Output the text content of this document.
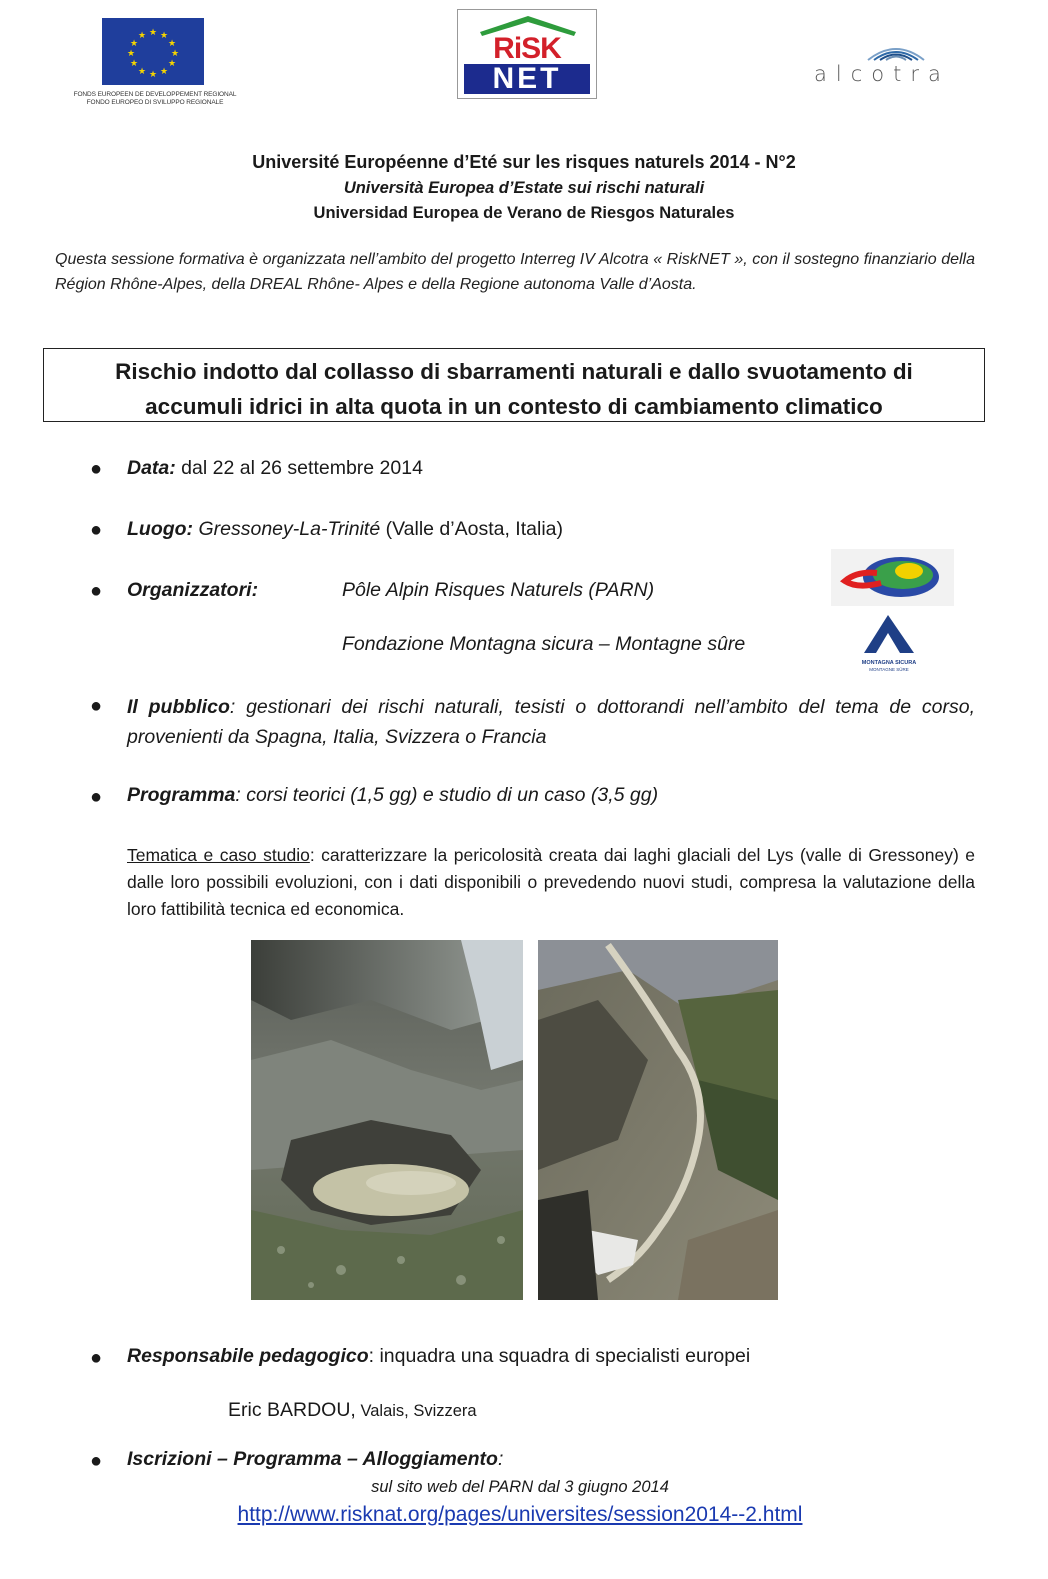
★ ★
★
★
★
★
★
★
★
★
★
★
FONDS EUROPEEN DE DEVELOPPEMENT REGIONAL
FONDO EUROPEO DI SVILUPPO REGIONALE
RiSK
NET	alcotra
Université Européenne d’Eté sur les risques naturels 2014 - N°2
Università Europea d’Estate sui rischi naturali
Universidad Europea de Verano de Riesgos Naturales
Questa sessione formativa è organizzata nell’ambito del progetto Interreg IV Alcotra « RiskNET », con il sostegno finanziario della Région Rhône-Alpes, della DREAL Rhône- Alpes e della Regione autonoma Valle d’Aosta.
Rischio indotto dal collasso di sbarramenti naturali e dallo svuotamento di
accumuli idrici in alta quota in un contesto di cambiamento climatico
● Data: dal 22 al 26 settembre 2014
● Luogo: Gressoney-La-Trinité (Valle d’Aosta, Italia)
● Organizzatori:	Pôle Alpin Risques Naturels (PARN)
Fondazione Montagna sicura – Montagne sûre
MONTAGNA SICURA
MONTAGNE SÛRE
● Il pubblico: gestionari dei rischi naturali, tesisti o dottorandi nell’ambito del tema de corso, provenienti da Spagna, Italia, Svizzera o Francia
● Programma: corsi teorici (1,5 gg) e studio di un caso (3,5 gg)
Tematica e caso studio: caratterizzare la pericolosità creata dai laghi glaciali del Lys (valle di Gressoney) e dalle loro possibili evoluzioni, con i dati disponibili o prevedendo nuovi studi, compresa la valutazione della loro fattibilità tecnica ed economica.
● Responsabile pedagogico: inquadra una squadra di specialisti europei
Eric BARDOU, Valais, Svizzera
● Iscrizioni – Programma – Alloggiamento:
sul sito web del PARN dal 3 giugno 2014
http://www.risknat.org/pages/universites/session2014--2.html
